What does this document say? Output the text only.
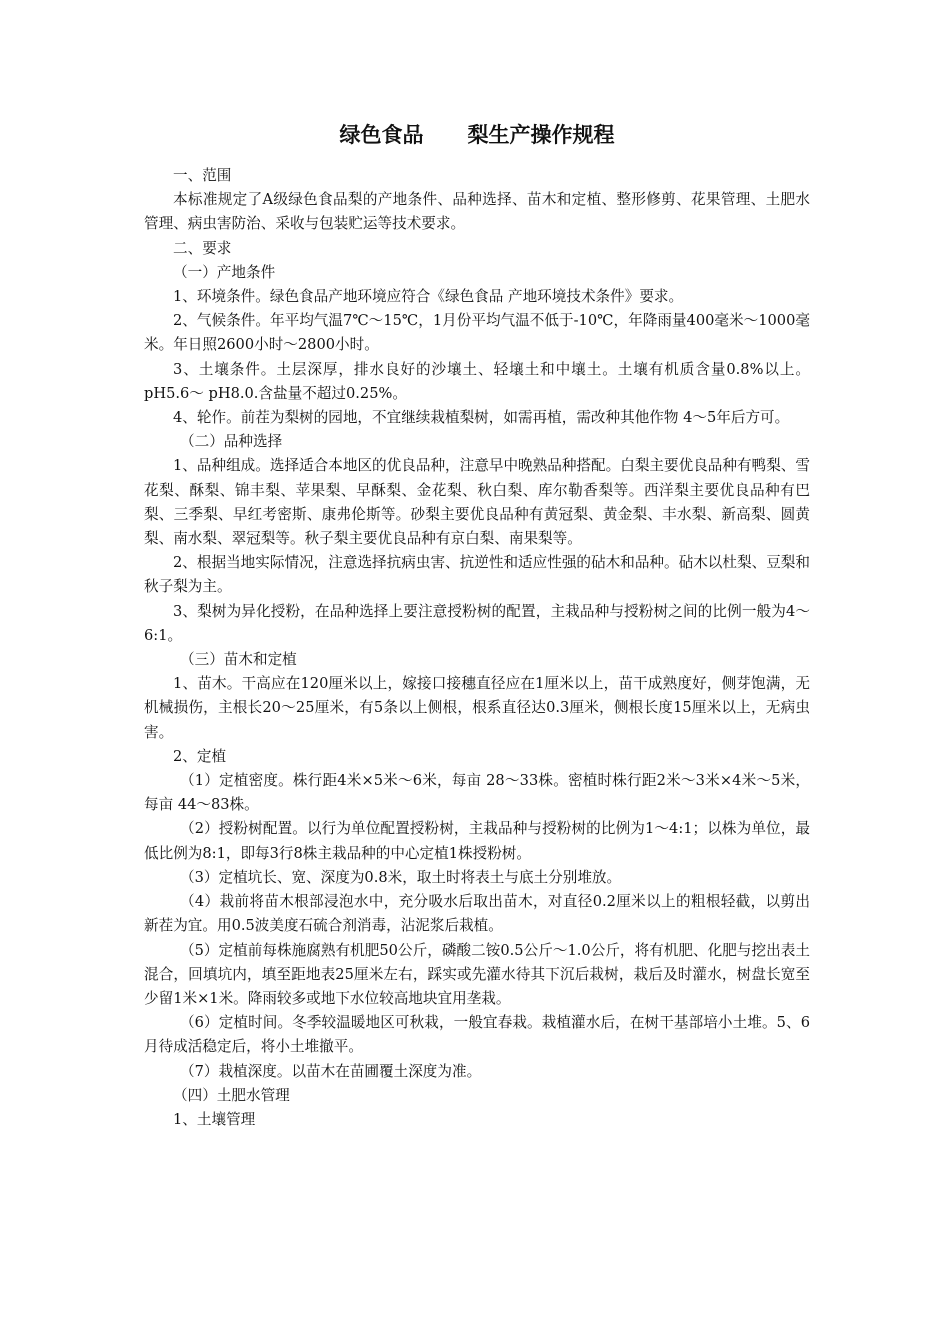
绿色食品 梨生产操作规程

一、范围

本标准规定了A级绿色食品梨的产地条件、品种选择、苗木和定植、整形修剪、花果管理、土肥水管理、病虫害防治、采收与包装贮运等技术要求。

二、要求

（一）产地条件

1、环境条件。绿色食品产地环境应符合《绿色食品 产地环境技术条件》要求。

2、气候条件。年平均气温7℃～15℃，1月份平均气温不低于-10℃，年降雨量400毫米～1000毫米。年日照2600小时～2800小时。

3、土壤条件。土层深厚，排水良好的沙壤土、轻壤土和中壤土。土壤有机质含量0.8%以上。pH5.6～ pH8.0.含盐量不超过0.25%。

4、轮作。前茬为梨树的园地，不宜继续栽植梨树，如需再植，需改种其他作物 4～5年后方可。

（二）品种选择

1、品种组成。选择适合本地区的优良品种，注意早中晚熟品种搭配。白梨主要优良品种有鸭梨、雪花梨、酥梨、锦丰梨、苹果梨、早酥梨、金花梨、秋白梨、库尔勒香梨等。西洋梨主要优良品种有巴梨、三季梨、早红考密斯、康弗伦斯等。砂梨主要优良品种有黄冠梨、黄金梨、丰水梨、新高梨、圆黄梨、南水梨、翠冠梨等。秋子梨主要优良品种有京白梨、南果梨等。

2、根据当地实际情况，注意选择抗病虫害、抗逆性和适应性强的砧木和品种。砧木以杜梨、豆梨和秋子梨为主。

3、梨树为异化授粉，在品种选择上要注意授粉树的配置，主栽品种与授粉树之间的比例一般为4～6:1。

（三）苗木和定植

1、苗木。干高应在120厘米以上，嫁接口接穗直径应在1厘米以上，苗干成熟度好，侧芽饱满，无机械损伤，主根长20～25厘米，有5条以上侧根，根系直径达0.3厘米，侧根长度15厘米以上，无病虫害。

2、定植

（1）定植密度。株行距4米×5米～6米，每亩 28～33株。密植时株行距2米～3米×4米～5米，每亩 44～83株。

（2）授粉树配置。以行为单位配置授粉树，主栽品种与授粉树的比例为1～4:1；以株为单位，最低比例为8:1，即每3行8株主栽品种的中心定植1株授粉树。

（3）定植坑长、宽、深度为0.8米，取土时将表土与底土分别堆放。

（4）栽前将苗木根部浸泡水中，充分吸水后取出苗木，对直径0.2厘米以上的粗根轻截，以剪出新茬为宜。用0.5波美度石硫合剂消毒，沾泥浆后栽植。

（5）定植前每株施腐熟有机肥50公斤，磷酸二铵0.5公斤～1.0公斤，将有机肥、化肥与挖出表土混合，回填坑内，填至距地表25厘米左右，踩实或先灌水待其下沉后栽树，栽后及时灌水，树盘长宽至少留1米×1米。降雨较多或地下水位较高地块宜用垄栽。

（6）定植时间。冬季较温暖地区可秋栽，一般宜春栽。栽植灌水后，在树干基部培小土堆。5、6月待成活稳定后，将小土堆撤平。

（7）栽植深度。以苗木在苗圃覆土深度为准。

（四）土肥水管理

1、土壤管理
